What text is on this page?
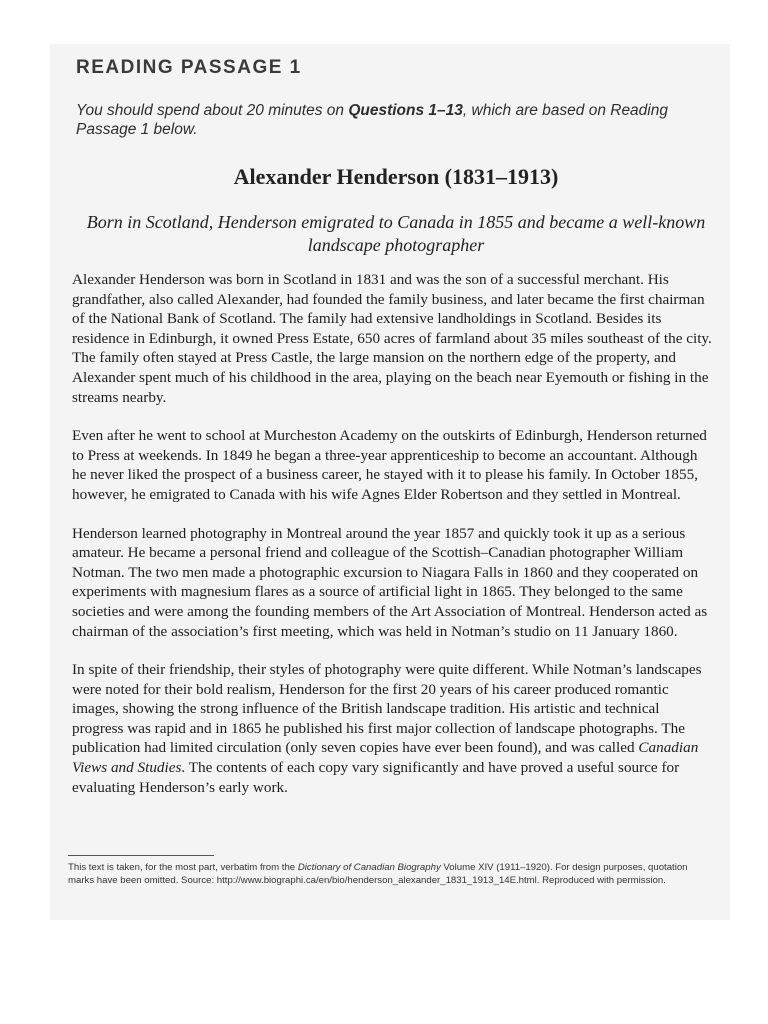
READING PASSAGE 1
You should spend about 20 minutes on Questions 1–13, which are based on Reading Passage 1 below.
Alexander Henderson (1831–1913)
Born in Scotland, Henderson emigrated to Canada in 1855 and became a well-known landscape photographer

Alexander Henderson was born in Scotland in 1831 and was the son of a successful merchant. His grandfather, also called Alexander, had founded the family business, and later became the first chairman of the National Bank of Scotland. The family had extensive landholdings in Scotland. Besides its residence in Edinburgh, it owned Press Estate, 650 acres of farmland about 35 miles southeast of the city. The family often stayed at Press Castle, the large mansion on the northern edge of the property, and Alexander spent much of his childhood in the area, playing on the beach near Eyemouth or fishing in the streams nearby.

Even after he went to school at Murcheston Academy on the outskirts of Edinburgh, Henderson returned to Press at weekends. In 1849 he began a three-year apprenticeship to become an accountant. Although he never liked the prospect of a business career, he stayed with it to please his family. In October 1855, however, he emigrated to Canada with his wife Agnes Elder Robertson and they settled in Montreal.

Henderson learned photography in Montreal around the year 1857 and quickly took it up as a serious amateur. He became a personal friend and colleague of the Scottish–Canadian photographer William Notman. The two men made a photographic excursion to Niagara Falls in 1860 and they cooperated on experiments with magnesium flares as a source of artificial light in 1865. They belonged to the same societies and were among the founding members of the Art Association of Montreal. Henderson acted as chairman of the association’s first meeting, which was held in Notman’s studio on 11 January 1860.

In spite of their friendship, their styles of photography were quite different. While Notman’s landscapes were noted for their bold realism, Henderson for the first 20 years of his career produced romantic images, showing the strong influence of the British landscape tradition. His artistic and technical progress was rapid and in 1865 he published his first major collection of landscape photographs. The publication had limited circulation (only seven copies have ever been found), and was called Canadian Views and Studies. The contents of each copy vary significantly and have proved a useful source for evaluating Henderson’s early work.

This text is taken, for the most part, verbatim from the Dictionary of Canadian Biography Volume XIV (1911–1920). For design purposes, quotation marks have been omitted. Source: http://www.biographi.ca/en/bio/henderson_alexander_1831_1913_14E.html. Reproduced with permission.
